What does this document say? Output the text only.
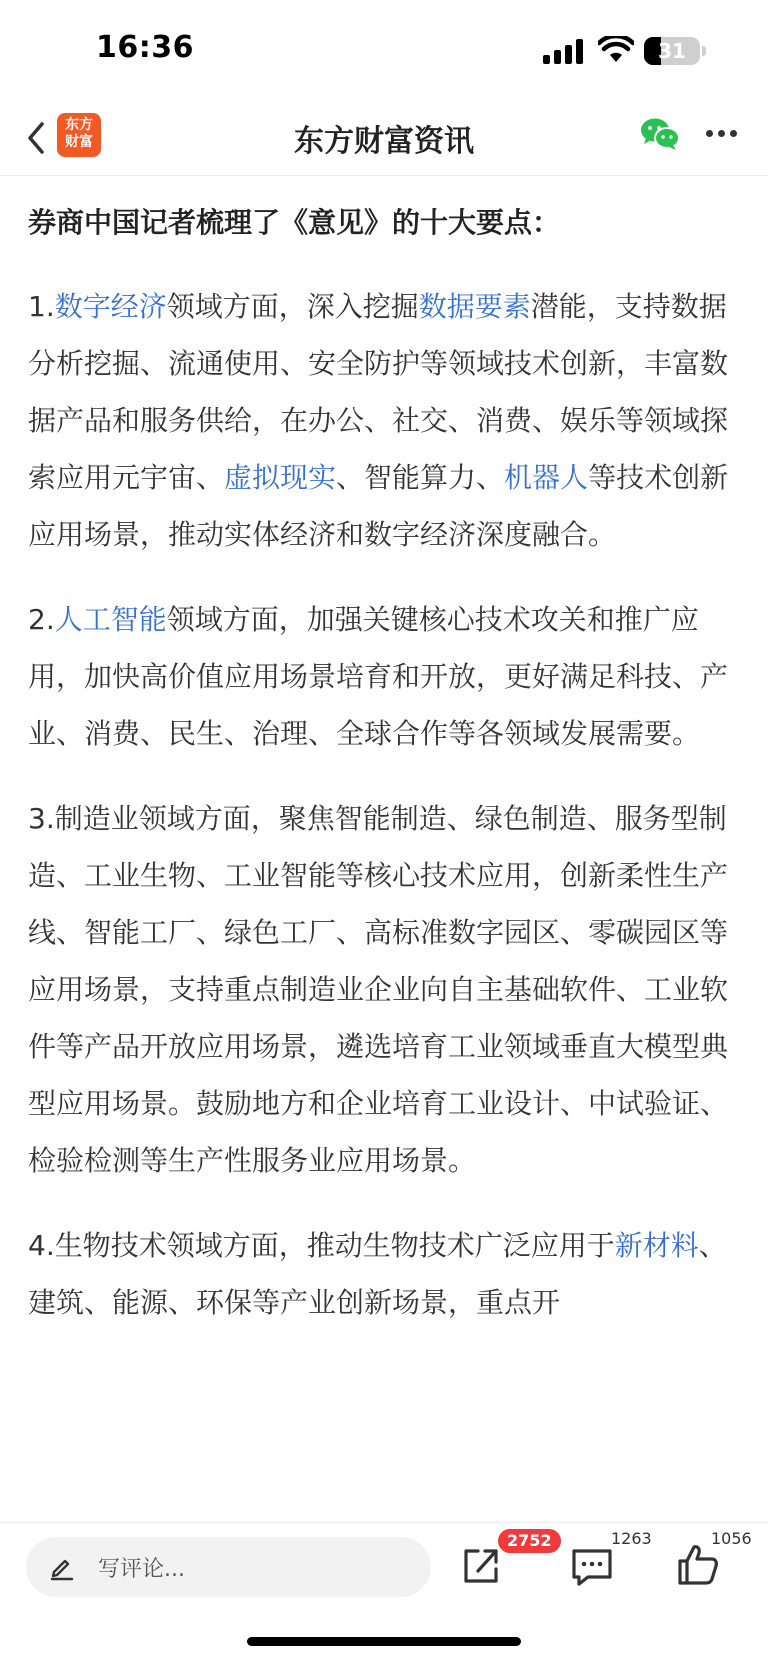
16:36	31
东方
财富	东方财富资讯

券商中国记者梳理了《意见》的十大要点：

1.数字经济领域方面，深入挖掘数据要素潜能，支持数据分析挖掘、流通使用、安全防护等领域技术创新，丰富数据产品和服务供给，在办公、社交、消费、娱乐等领域探索应用元宇宙、虚拟现实、智能算力、机器人等技术创新应用场景，推动实体经济和数字经济深度融合。

2.人工智能领域方面，加强关键核心技术攻关和推广应用，加快高价值应用场景培育和开放，更好满足科技、产业、消费、民生、治理、全球合作等各领域发展需要。

3.制造业领域方面，聚焦智能制造、绿色制造、服务型制造、工业生物、工业智能等核心技术应用，创新柔性生产线、智能工厂、绿色工厂、高标准数字园区、零碳园区等应用场景，支持重点制造业企业向自主基础软件、工业软件等产品开放应用场景，遴选培育工业领域垂直大模型典型应用场景。鼓励地方和企业培育工业设计、中试验证、检验检测等生产性服务业应用场景。

4.生物技术领域方面，推动生物技术广泛应用于新材料、建筑、能源、环保等产业创新场景，重点开

写评论...
2752	1263	1056
